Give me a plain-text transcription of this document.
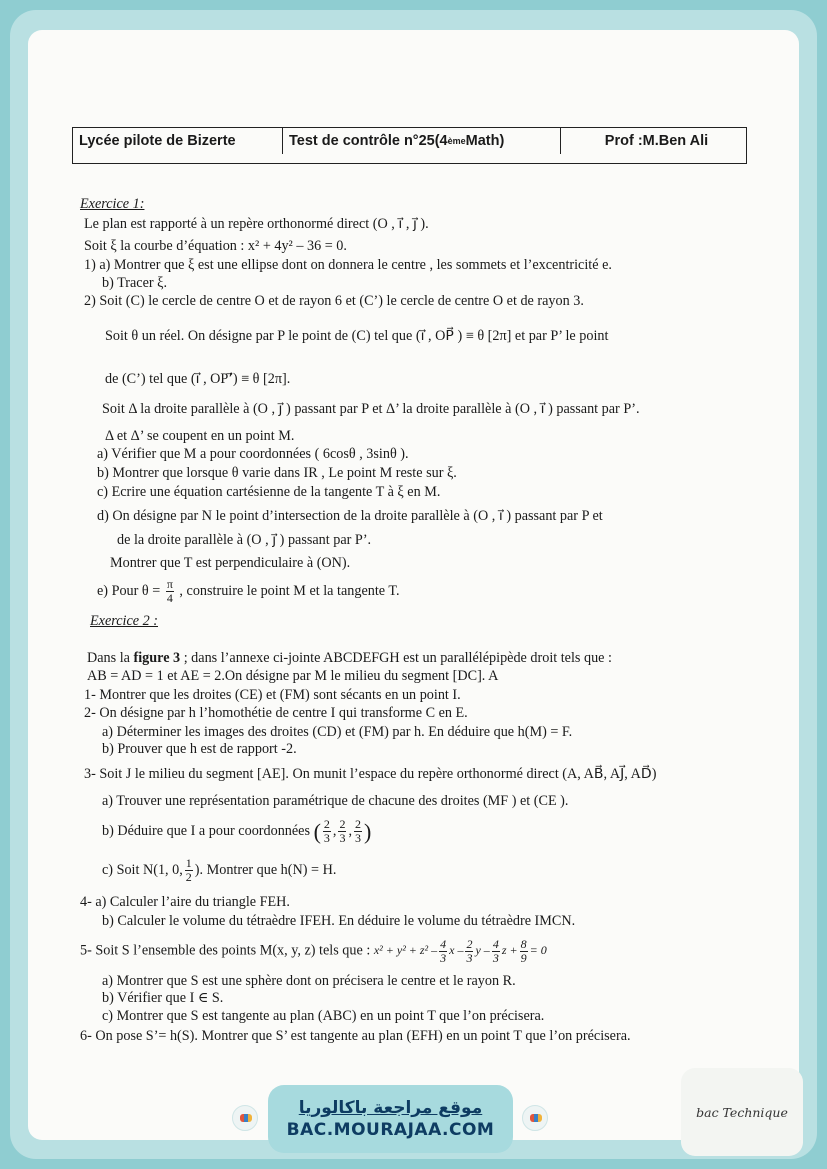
Lycée pilote de Bizerte	Test de contrôle n°25(4 ème Math)	Prof :M.Ben Ali
Exercice 1:
Le plan est rapporté à un repère orthonormé direct (O , i⃗ , j⃗ ).
Soit ξ la courbe d’équation : x² + 4y² – 36 = 0.
1) a) Montrer que ξ est une ellipse dont on donnera le centre , les sommets et l’excentricité e.
b) Tracer ξ.
2) Soit (C) le cercle de centre O et de rayon 6 et (C’) le cercle de centre O et de rayon 3.
Soit θ un réel. On désigne par P le point de (C) tel que (i⃗ , OP⃗ ) ≡ θ [2π] et par P’ le point
de (C’) tel que (i⃗ , OP’⃗) ≡ θ [2π].
Soit Δ la droite parallèle à (O , j⃗ ) passant par P et Δ’ la droite parallèle à (O , i⃗ ) passant par P’.
Δ et Δ’ se coupent en un point M.
a) Vérifier que M a pour coordonnées ( 6cosθ , 3sinθ ).
b) Montrer que lorsque θ varie dans IR , Le point M reste sur ξ.
c) Ecrire une équation cartésienne de la tangente T à ξ en M.
d) On désigne par N le point d’intersection de la droite parallèle à (O , i⃗ ) passant par P et
de la droite parallèle à (O , j⃗ ) passant par P’.
Montrer que T est perpendiculaire à (ON).
e) Pour $\theta = \frac{\pi}{4}$ , construire le point M et la tangente T.
Exercice 2 :
Dans la figure 3 ; dans l’annexe ci-jointe ABCDEFGH est un parallélépipède droit tels que :
AB = AD = 1 et AE = 2.On désigne par M le milieu du segment [DC]. A
1- Montrer que les droites (CE) et (FM) sont sécants en un point I.
2- On désigne par h l’homothétie de centre I qui transforme C en E.
a) Déterminer les images des droites (CD) et (FM) par h. En déduire que h(M) = F.
b) Prouver que h est de rapport -2.
3- Soit J le milieu du segment [AE]. On munit l’espace du repère orthonormé direct (A, AB⃗, AJ⃗, AD⃗)
a) Trouver une représentation paramétrique de chacune des droites (MF ) et (CE ).
b) Déduire que I a pour coordonnées ( $\frac{2}{3}$ , $\frac{2}{3}$ , $\frac{2}{3}$ )
c) Soit N(1, 0, $\frac{1}{2}$ ). Montrer que h(N) = H.
4- a) Calculer l’aire du triangle FEH.
b) Calculer le volume du tétraèdre IFEH. En déduire le volume du tétraèdre IMCN.
5- Soit S l’ensemble des points M(x, y, z) tels que : $x^2 + y^2 + z^2 - \frac{4}{3}$ x – $\frac{2}{3}$ y – $\frac{4}{3}$ $z + \frac{8}{9} = 0$
a) Montrer que S est une sphère dont on précisera le centre et le rayon R.
b) Vérifier que I ∈ S.
c) Montrer que S est tangente au plan (ABC) en un point T que l’on précisera.
6- On pose S’= h(S). Montrer que S’ est tangente au plan (EFH) en un point T que l’on précisera.
موقع مراجعة باكالوريا
BAC.MOURAJAA.COM
bac Technique
